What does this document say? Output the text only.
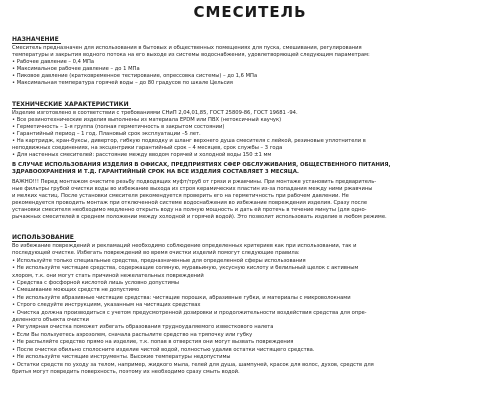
СМЕСИТЕЛЬ
НАЗНАЧЕНИЕ
Смеситель предназначен для использования в бытовых и общественных помещениях для пуска, смешивания, регулирования
температуры и закрытия водного потока на его выходе из системы водоснабжения, удовлетворяющей следующим параметрам:
• Рабочее давление – 0,4 МПа
• Максимальное рабочее давление – до 1 МПа
• Пиковое давление (кратковременное тестирование, опрессовка системы) – до 1,6 МПа
• Максимальная температура горячей воды – до 80 градусов по шкале Цельсия
ТЕХНИЧЕСКИЕ ХАРАКТЕРИСТИКИ
Изделие изготовлено в соответствии с требованиями СНиП 2,04,01,85, ГОСТ 25809-86, ГОСТ 19681 -94.
• Все резинотехнические изделия выполнены из материала EPDM или ПВХ (нетоксичный каучук)
• Герметичность – 1-я группа (полная герметичность в закрытом состоянии)
• Гарантийный период – 1 год. Плановый срок эксплуатации –5 лет.
• На картридж, кран-буксы, дивертор, гибкую подводку и шланг верхнего душа смесителя с лейкой, резиновые уплотнители в
неподвижных соединениях, на эксцентрики гарантийный срок – 4 месяцев, срок службы – 3 года
• Для настенных смесителей: расстояние между вводом горячей и холодной воды 150 ±1 мм
В СЛУЧАЕ ИСПОЛЬЗОВАНИЯ ИЗДЕЛИЯ В ОФИСАХ, ПРЕДПРИЯТИЯХ СФЕР ОБСЛУЖИВАНИЯ, ОБЩЕСТВЕННОГО ПИТАНИЯ,
ЗДРАВООХРАНЕНИЯ И Т.Д. ГАРАНТИЙНЫЙ СРОК НА ВСЕ ИЗДЕЛИЯ СОСТАВЛЯЕТ 3 МЕСЯЦА.
ВАЖНО!!! Перед монтажом очистите резьбу подводящих муфт/труб от грязи и ржавчины. При монтаже установить предваритель-
ные фильтры грубой очистки воды во избежание выхода из строя керамических пластин из-за попадания между ними ржавчины
и мелких частиц. После установки смесителя рекомендуется проверить его на герметичность при рабочем давлении. Не
рекомендуется проводить монтаж при отключенной системе водоснабжения во избежание повреждения изделия. Сразу после
установки смесителя необходимо медленно открыть воду на полную мощность и дать ей протечь в течение минуты (для одно-
рычажных смесителей в среднем положении между холодной и горячей водой). Это позволит использовать изделие в любом режиме.
ИСПОЛЬЗОВАНИЕ
Во избежание повреждений и рекламаций необходимо соблюдение определенных критериев как при использовании, так и
последующей очистке. Избегать повреждений во время очистки изделий помогут следующие правила:
• Используйте только специальные средства, предназначенные для определенной сферы использования
• Не используйте чистящие средства, содержащие соляную, муравьиную, уксусную кислоту и белильный щелок с активным
хлором, т.к. они могут стать причиной нежелательных повреждений
• Средства с фосфорной кислотой лишь условно допустимы
• Смешивание моющих средств не допустимо
• Не используйте абразивные чистящие средства: чистящие порошки, абразивные губки, и материалы с микроволокнами
• Строго следуйте инструкциям, указанным на чистящих средствах
• Очистка должна производиться с учетом предусмотренной дозировки и продолжительности воздействия средства для опре-
деленного объекта очистки
• Регулярная очистка поможет избегать образования трудноудаляемого известкового налета
• Если Вы пользуетесь аэрозолем, сначала распылите средство на тряпочку или губку
• Не распыляйте средство прямо на изделие, т.к. попав в отверстия они могут вызвать повреждения
• После очистки обильно сполосните изделие чистой водой, полностью удалив остатки чистящего средства.
• Не используйте чистящие инструменты. Высокие температуры недопустимы
• Остатки средств по уходу за телом, например, жидкого мыла, гелей для душа, шампуней, красок для волос, духов, средств для
бритья могут повредить поверхность, поэтому их необходимо сразу смыть водой.
